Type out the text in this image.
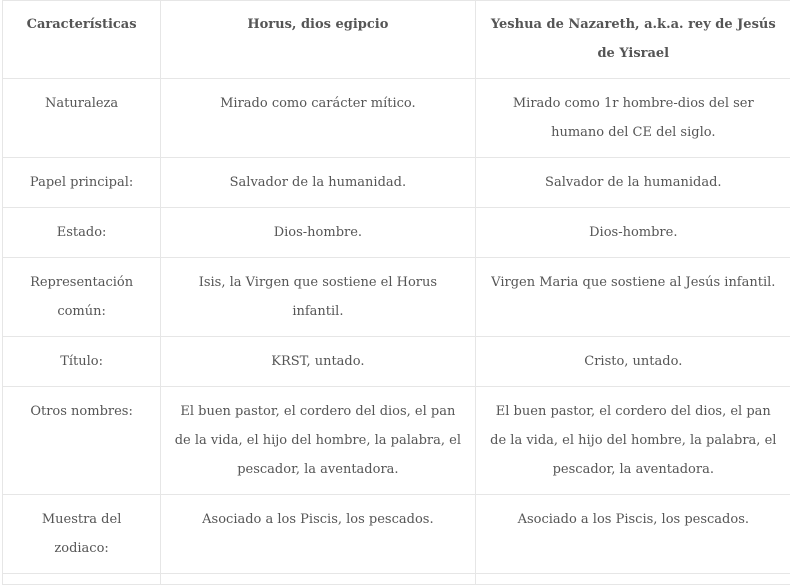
Características	Horus, dios egipcio	Yeshua de Nazareth, a.k.a. rey de Jesús de Yisrael
Naturaleza	Mirado como carácter mítico.	Mirado como 1r hombre-dios del ser humano del CE del siglo.
Papel principal:	Salvador de la humanidad.	Salvador de la humanidad.
Estado:	Dios-hombre.	Dios-hombre.
Representación común:	Isis, la Virgen que sostiene el Horus infantil.	Virgen Maria que sostiene al Jesús infantil.
Título:	KRST, untado.	Cristo, untado.
Otros nombres:	El buen pastor, el cordero del dios, el pan de la vida, el hijo del hombre, la palabra, el pescador, la aventadora.	El buen pastor, el cordero del dios, el pan de la vida, el hijo del hombre, la palabra, el pescador, la aventadora.
Muestra del zodiaco:	Asociado a los Piscis, los pescados.	Asociado a los Piscis, los pescados.
